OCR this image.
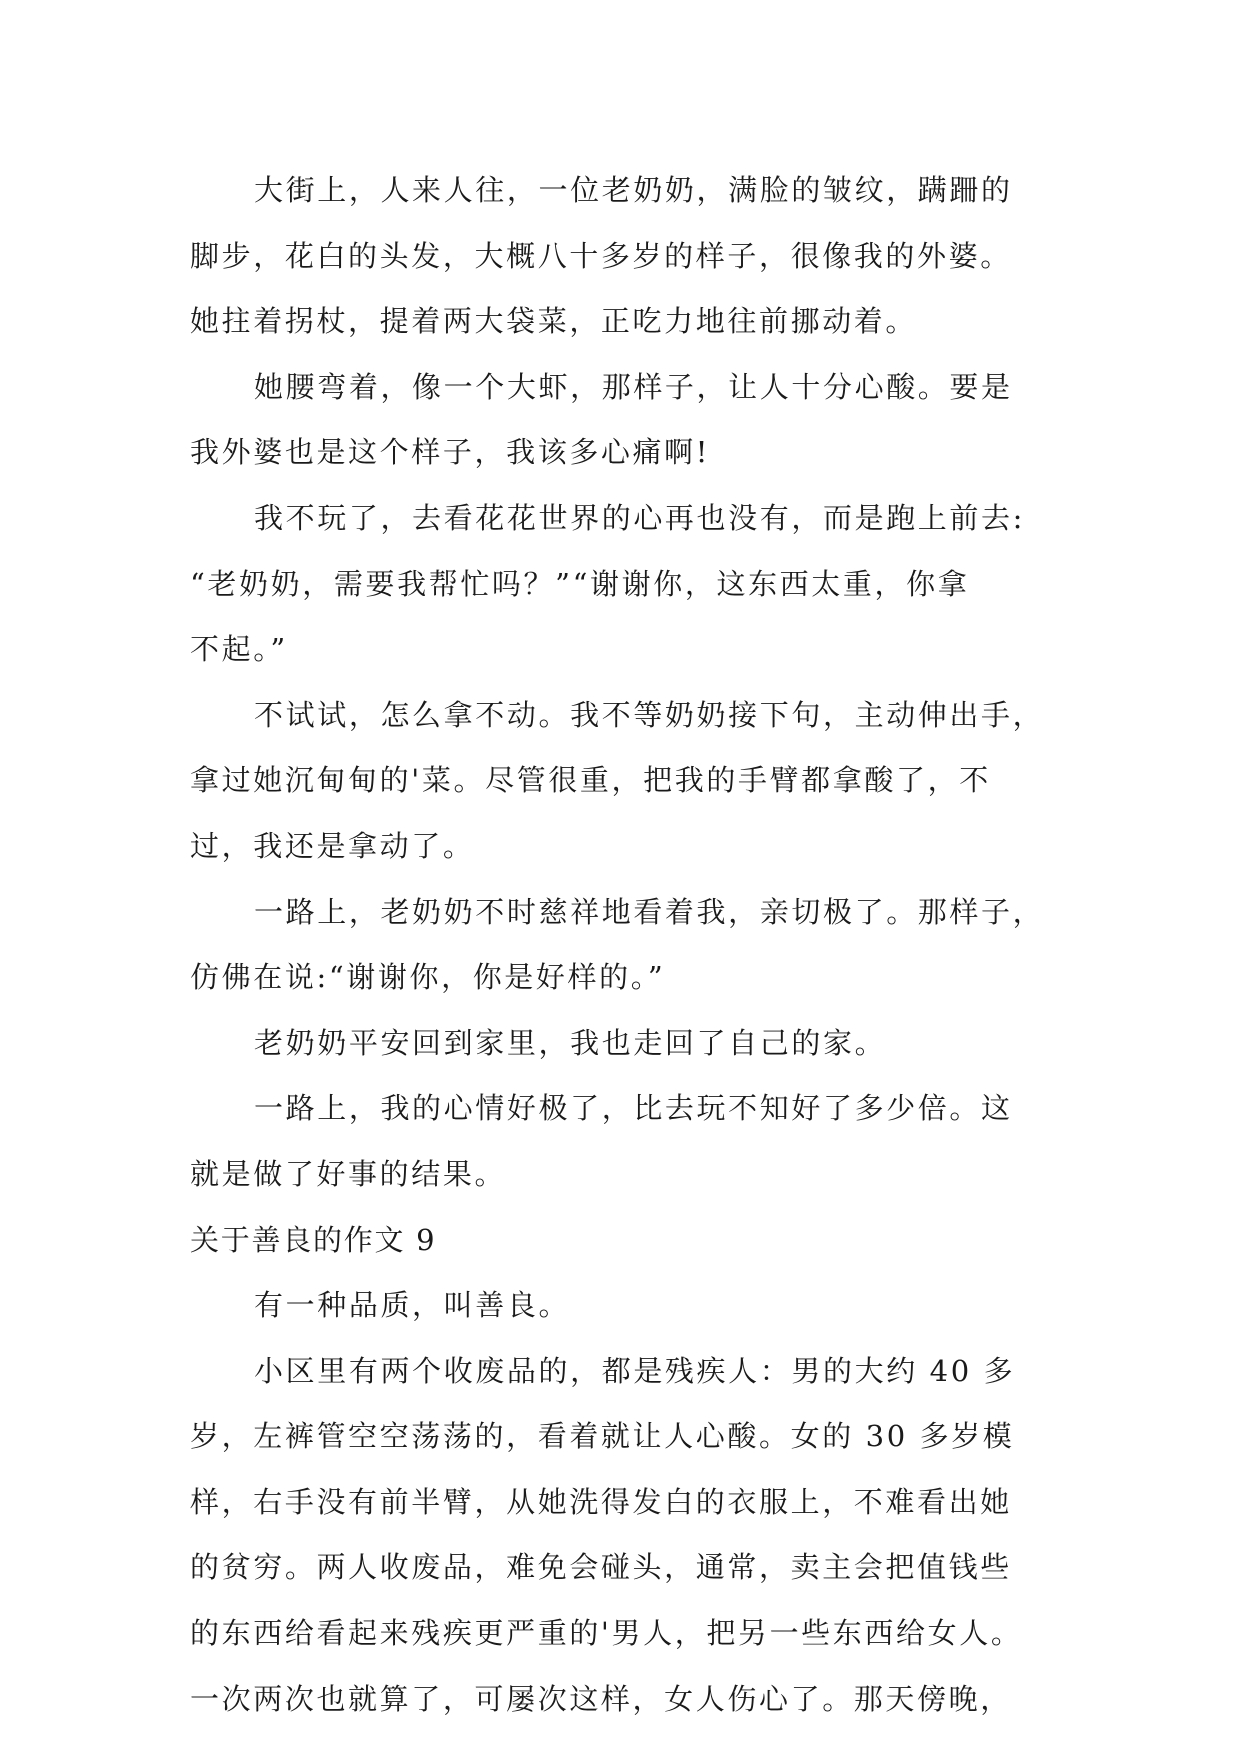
大街上，人来人往，一位老奶奶，满脸的皱纹，蹒跚的
脚步，花白的头发，大概八十多岁的样子，很像我的外婆。
她拄着拐杖，提着两大袋菜，正吃力地往前挪动着。
她腰弯着，像一个大虾，那样子，让人十分心酸。要是
我外婆也是这个样子，我该多心痛啊!
我不玩了，去看花花世界的心再也没有，而是跑上前去:
“老奶奶，需要我帮忙吗？”“谢谢你，这东西太重，你拿
不起。”
不试试，怎么拿不动。我不等奶奶接下句，主动伸出手，
拿过她沉甸甸的'菜。尽管很重，把我的手臂都拿酸了，不
过，我还是拿动了。
一路上，老奶奶不时慈祥地看着我，亲切极了。那样子，
仿佛在说:“谢谢你，你是好样的。”
老奶奶平安回到家里，我也走回了自己的家。
一路上，我的心情好极了，比去玩不知好了多少倍。这
就是做了好事的结果。
关于善良的作文 9
有一种品质，叫善良。
小区里有两个收废品的，都是残疾人：男的大约 40 多
岁，左裤管空空荡荡的，看着就让人心酸。女的 30 多岁模
样，右手没有前半臂，从她洗得发白的衣服上，不难看出她
的贫穷。两人收废品，难免会碰头，通常，卖主会把值钱些
的东西给看起来残疾更严重的'男人，把另一些东西给女人。
一次两次也就算了，可屡次这样，女人伤心了。那天傍晚，
